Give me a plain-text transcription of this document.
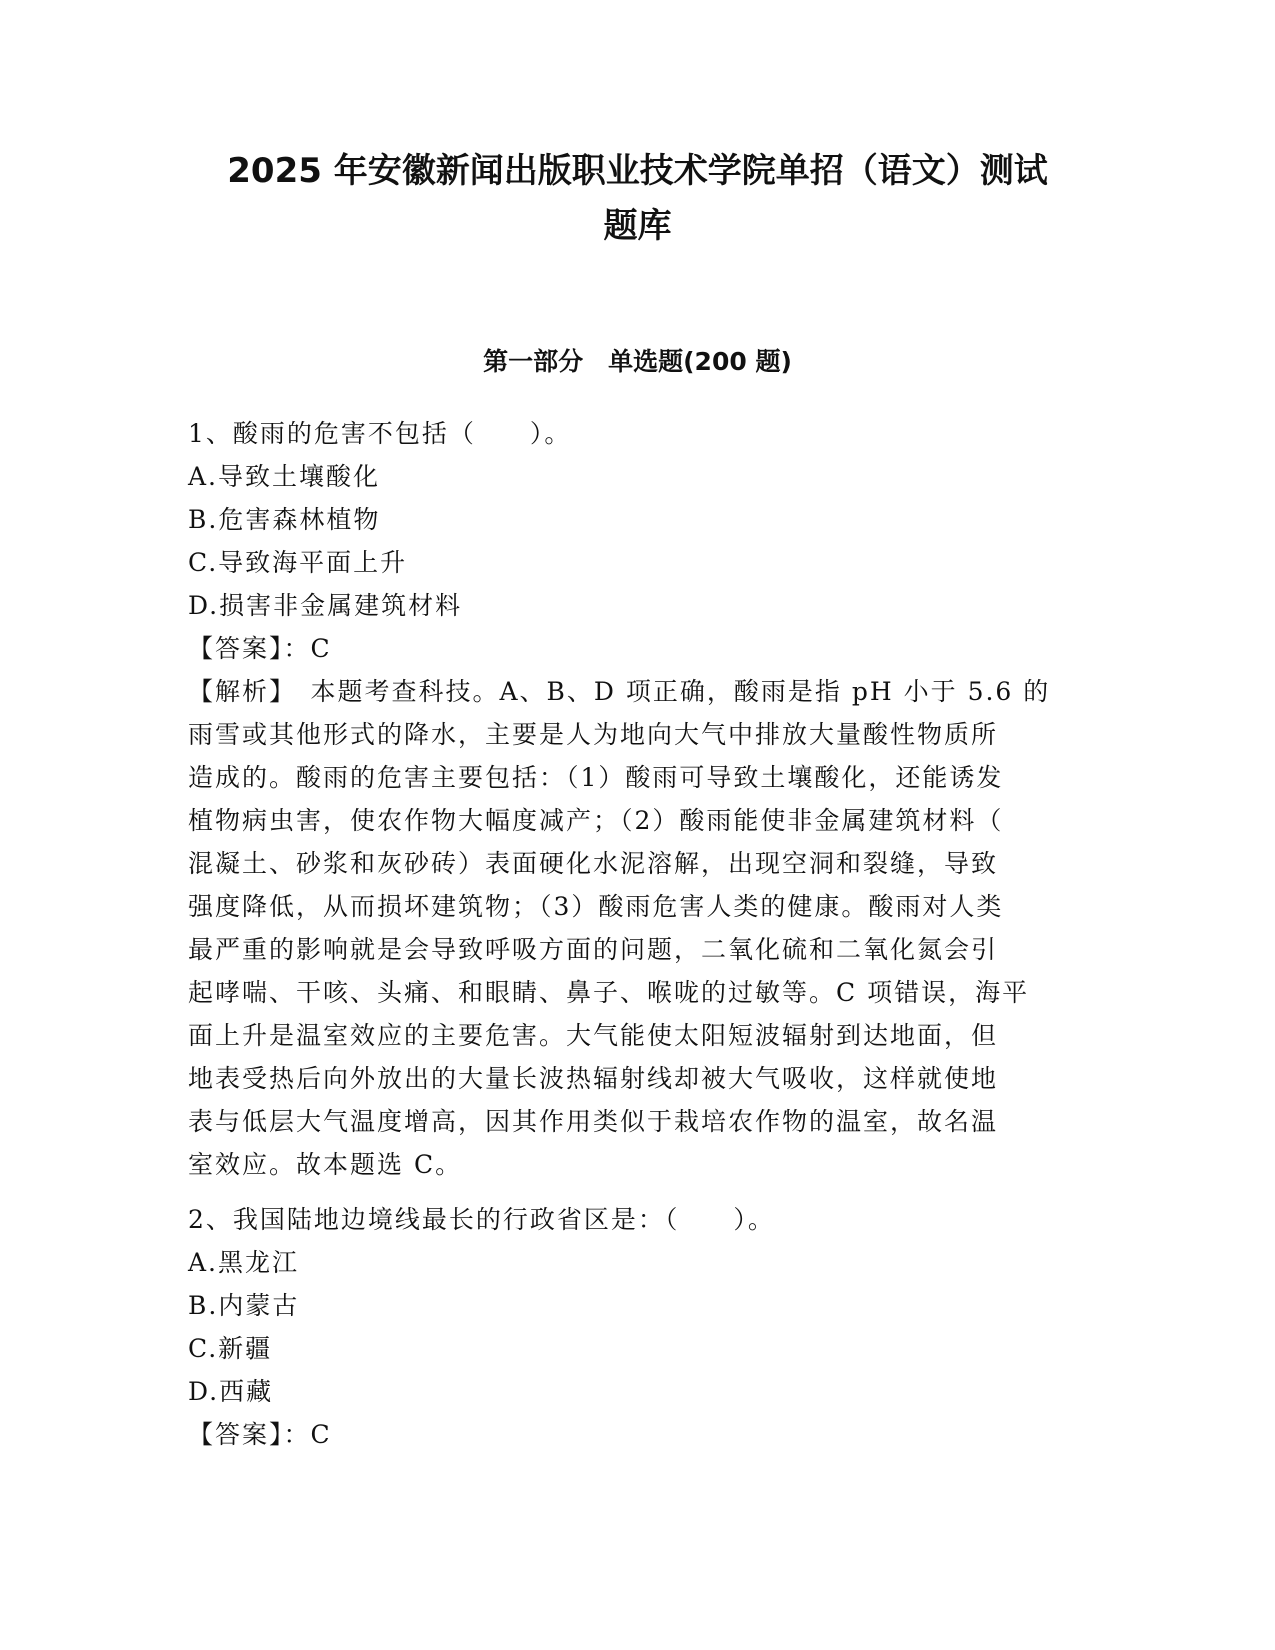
2025 年安徽新闻出版职业技术学院单招（语文）测试
题库
第一部分　单选题(200 题)
1、酸雨的危害不包括（　　）。
A.导致土壤酸化
B.危害森林植物
C.导致海平面上升
D.损害非金属建筑材料
【答案】：C
【解析】　本题考查科技。A、B、D 项正确，酸雨是指 pH 小于 5.6 的
雨雪或其他形式的降水，主要是人为地向大气中排放大量酸性物质所
造成的。酸雨的危害主要包括：（1）酸雨可导致土壤酸化，还能诱发
植物病虫害，使农作物大幅度减产；（2）酸雨能使非金属建筑材料（
混凝土、砂浆和灰砂砖）表面硬化水泥溶解，出现空洞和裂缝，导致
强度降低，从而损坏建筑物；（3）酸雨危害人类的健康。酸雨对人类
最严重的影响就是会导致呼吸方面的问题，二氧化硫和二氧化氮会引
起哮喘、干咳、头痛、和眼睛、鼻子、喉咙的过敏等。C 项错误，海平
面上升是温室效应的主要危害。大气能使太阳短波辐射到达地面，但
地表受热后向外放出的大量长波热辐射线却被大气吸收，这样就使地
表与低层大气温度增高，因其作用类似于栽培农作物的温室，故名温
室效应。故本题选 C。
2、我国陆地边境线最长的行政省区是：（　　）。
A.黑龙江
B.内蒙古
C.新疆
D.西藏
【答案】：C
